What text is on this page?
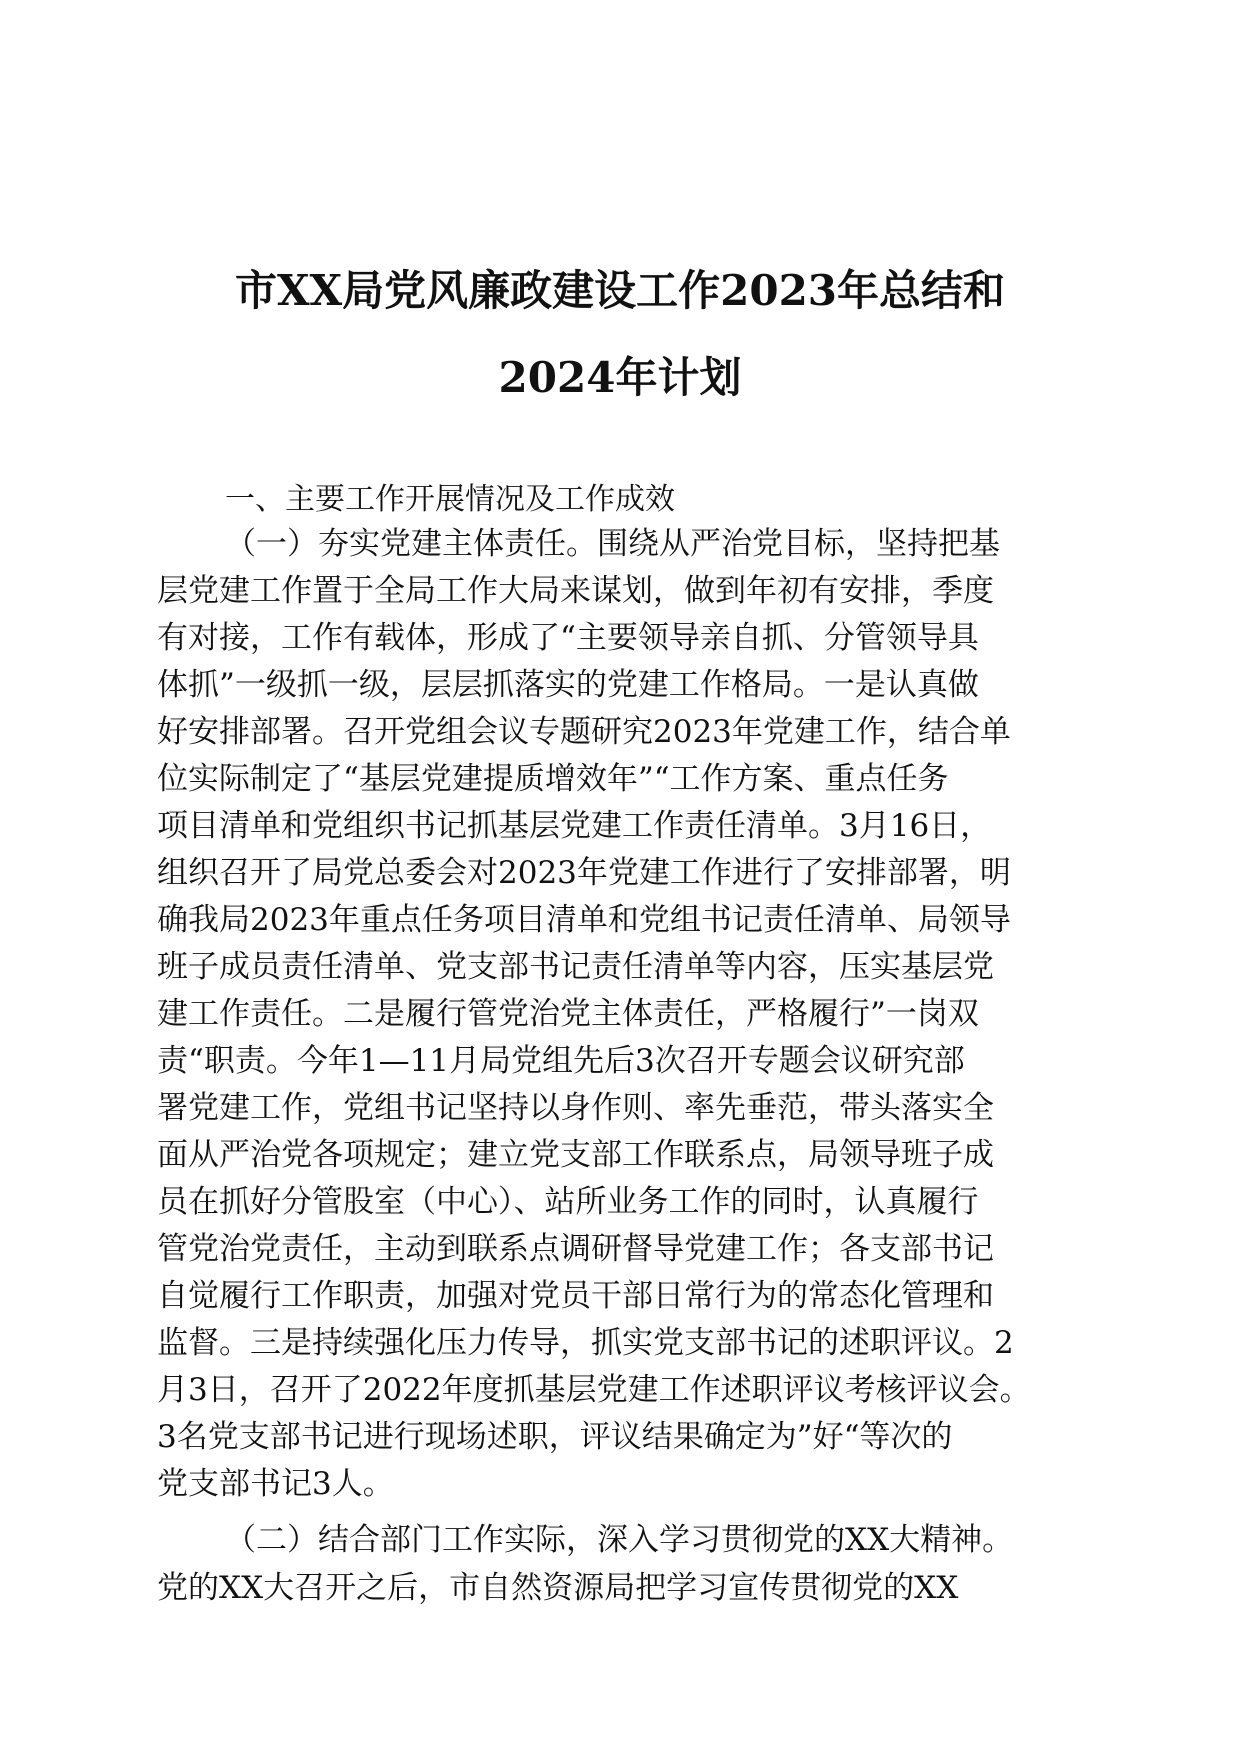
市XX局党风廉政建设工作2023年总结和
2024年计划
一、主要工作开展情况及工作成效
（一）夯实党建主体责任。围绕从严治党目标，坚持把基
层党建工作置于全局工作大局来谋划，做到年初有安排，季度
有对接，工作有载体，形成了“主要领导亲自抓、分管领导具
体抓”一级抓一级，层层抓落实的党建工作格局。一是认真做
好安排部署。召开党组会议专题研究2023年党建工作，结合单
位实际制定了“基层党建提质增效年”“工作方案、重点任务
项目清单和党组织书记抓基层党建工作责任清单。3月16日，
组织召开了局党总委会对2023年党建工作进行了安排部署，明
确我局2023年重点任务项目清单和党组书记责任清单、局领导
班子成员责任清单、党支部书记责任清单等内容，压实基层党
建工作责任。二是履行管党治党主体责任，严格履行”一岗双
责“职责。今年1—11月局党组先后3次召开专题会议研究部
署党建工作，党组书记坚持以身作则、率先垂范，带头落实全
面从严治党各项规定；建立党支部工作联系点，局领导班子成
员在抓好分管股室（中心）、站所业务工作的同时，认真履行
管党治党责任，主动到联系点调研督导党建工作；各支部书记
自觉履行工作职责，加强对党员干部日常行为的常态化管理和
监督。三是持续强化压力传导，抓实党支部书记的述职评议。2
月3日，召开了2022年度抓基层党建工作述职评议考核评议会。
3名党支部书记进行现场述职，评议结果确定为”好“等次的
党支部书记3人。
（二）结合部门工作实际，深入学习贯彻党的XX大精神。
党的XX大召开之后，市自然资源局把学习宣传贯彻党的XX
